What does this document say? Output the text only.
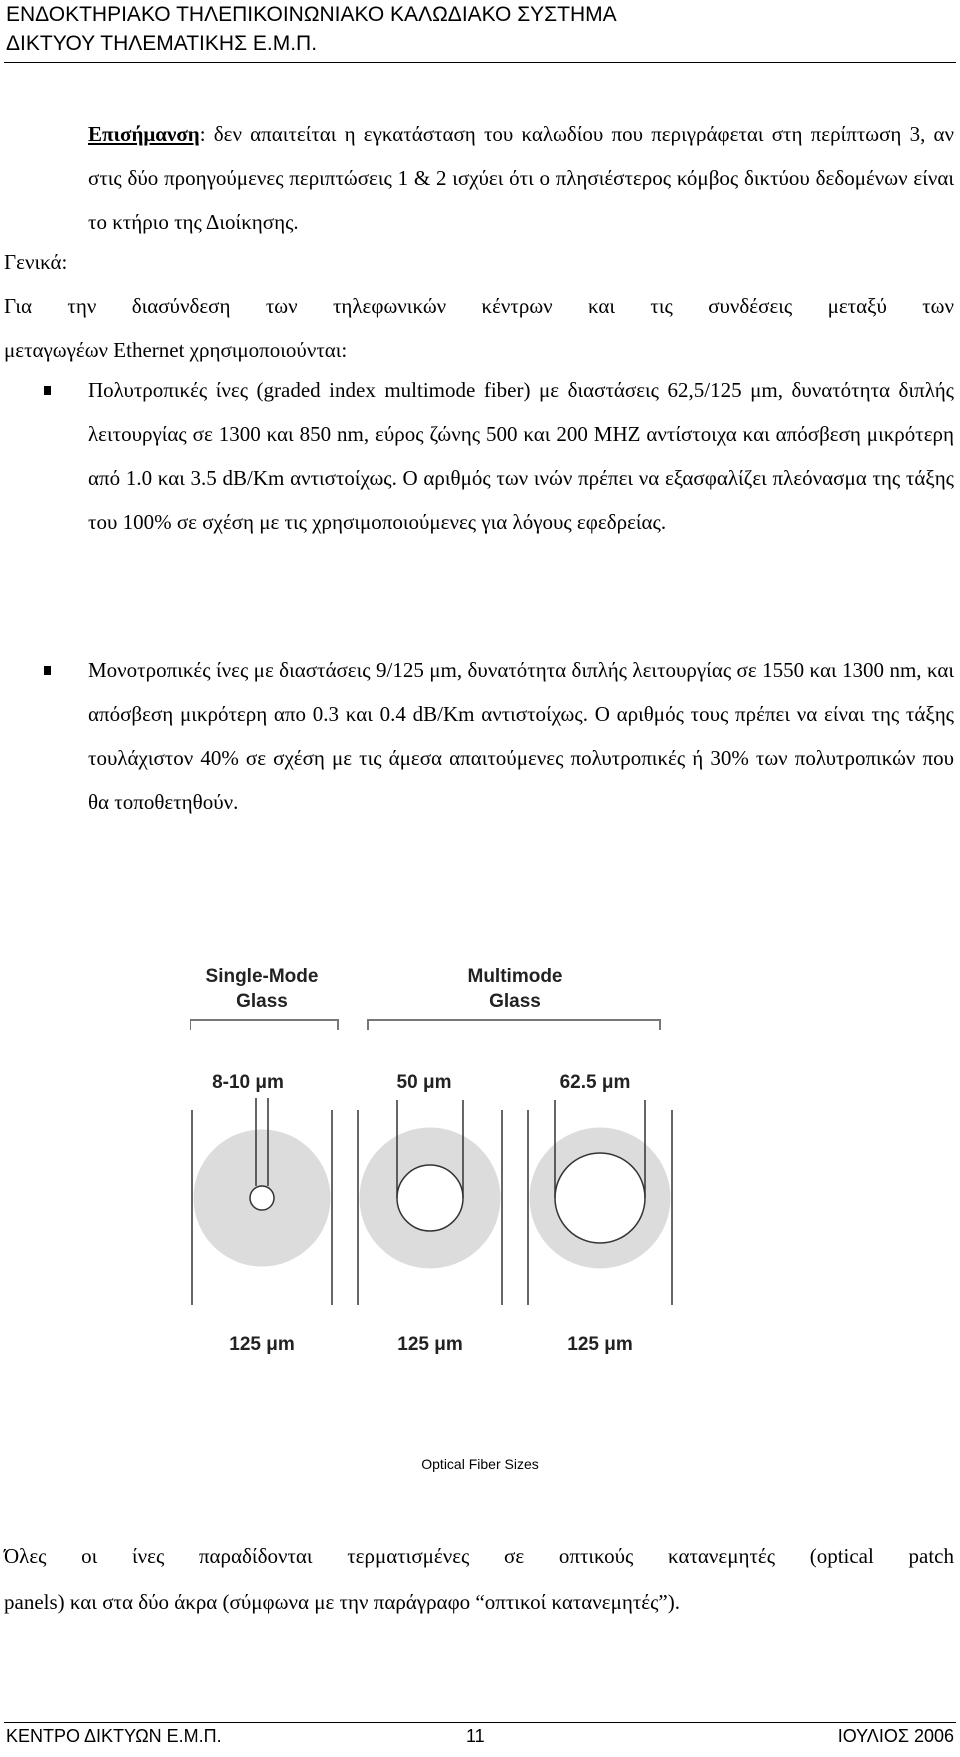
ΕΝΔΟΚΤΗΡΙΑΚΟ ΤΗΛΕΠΙΚΟΙΝΩΝΙΑΚΟ ΚΑΛΩΔΙΑΚΟ ΣΥΣΤΗΜΑ
ΔΙΚΤΥΟΥ ΤΗΛΕΜΑΤΙΚΗΣ Ε.Μ.Π.
Επισήμανση: δεν απαιτείται η εγκατάσταση του καλωδίου που περιγράφεται στη περίπτωση 3, αν στις δύο προηγούμενες περιπτώσεις 1 & 2 ισχύει ότι ο πλησιέστερος κόμβος δικτύου δεδομένων είναι το κτήριο της Διοίκησης.
Γενικά:
Για την διασύνδεση των τηλεφωνικών κέντρων και τις συνδέσεις μεταξύ των
μεταγωγέων Ethernet χρησιμοποιούνται:
Πολυτροπικές ίνες (graded index multimode fiber) με διαστάσεις 62,5/125 μm, δυνατότητα διπλής λειτουργίας σε 1300 και 850 nm, εύρος ζώνης 500 και 200 MHZ αντίστοιχα και απόσβεση μικρότερη από 1.0 και 3.5 dB/Km αντιστοίχως. Ο αριθμός των ινών πρέπει να εξασφαλίζει πλεόνασμα της τάξης του 100% σε σχέση με τις χρησιμοποιούμενες για λόγους εφεδρείας.
Μονοτροπικές ίνες με διαστάσεις 9/125 μm, δυνατότητα διπλής λειτουργίας σε 1550 και 1300 nm, και απόσβεση μικρότερη απο 0.3 και 0.4 dB/Km αντιστοίχως. Ο αριθμός τους πρέπει να είναι της τάξης τουλάχιστον 40% σε σχέση με τις άμεσα απαιτούμενες πολυτροπικές ή 30% των πολυτροπικών που θα τοποθετηθούν.
Single-Mode
Glass
Multimode
Glass
8-10 μm	50 μm	62.5 μm
125 μm	125 μm	125 μm
Optical Fiber Sizes
Όλες οι ίνες παραδίδονται τερματισμένες σε οπτικούς κατανεμητές (optical patch
panels) και στα δύο άκρα (σύμφωνα με την παράγραφο “οπτικοί κατανεμητές”).
ΚΕΝΤΡΟ ΔΙΚΤΥΩΝ Ε.Μ.Π.	11	ΙΟΥΛΙΟΣ 2006
